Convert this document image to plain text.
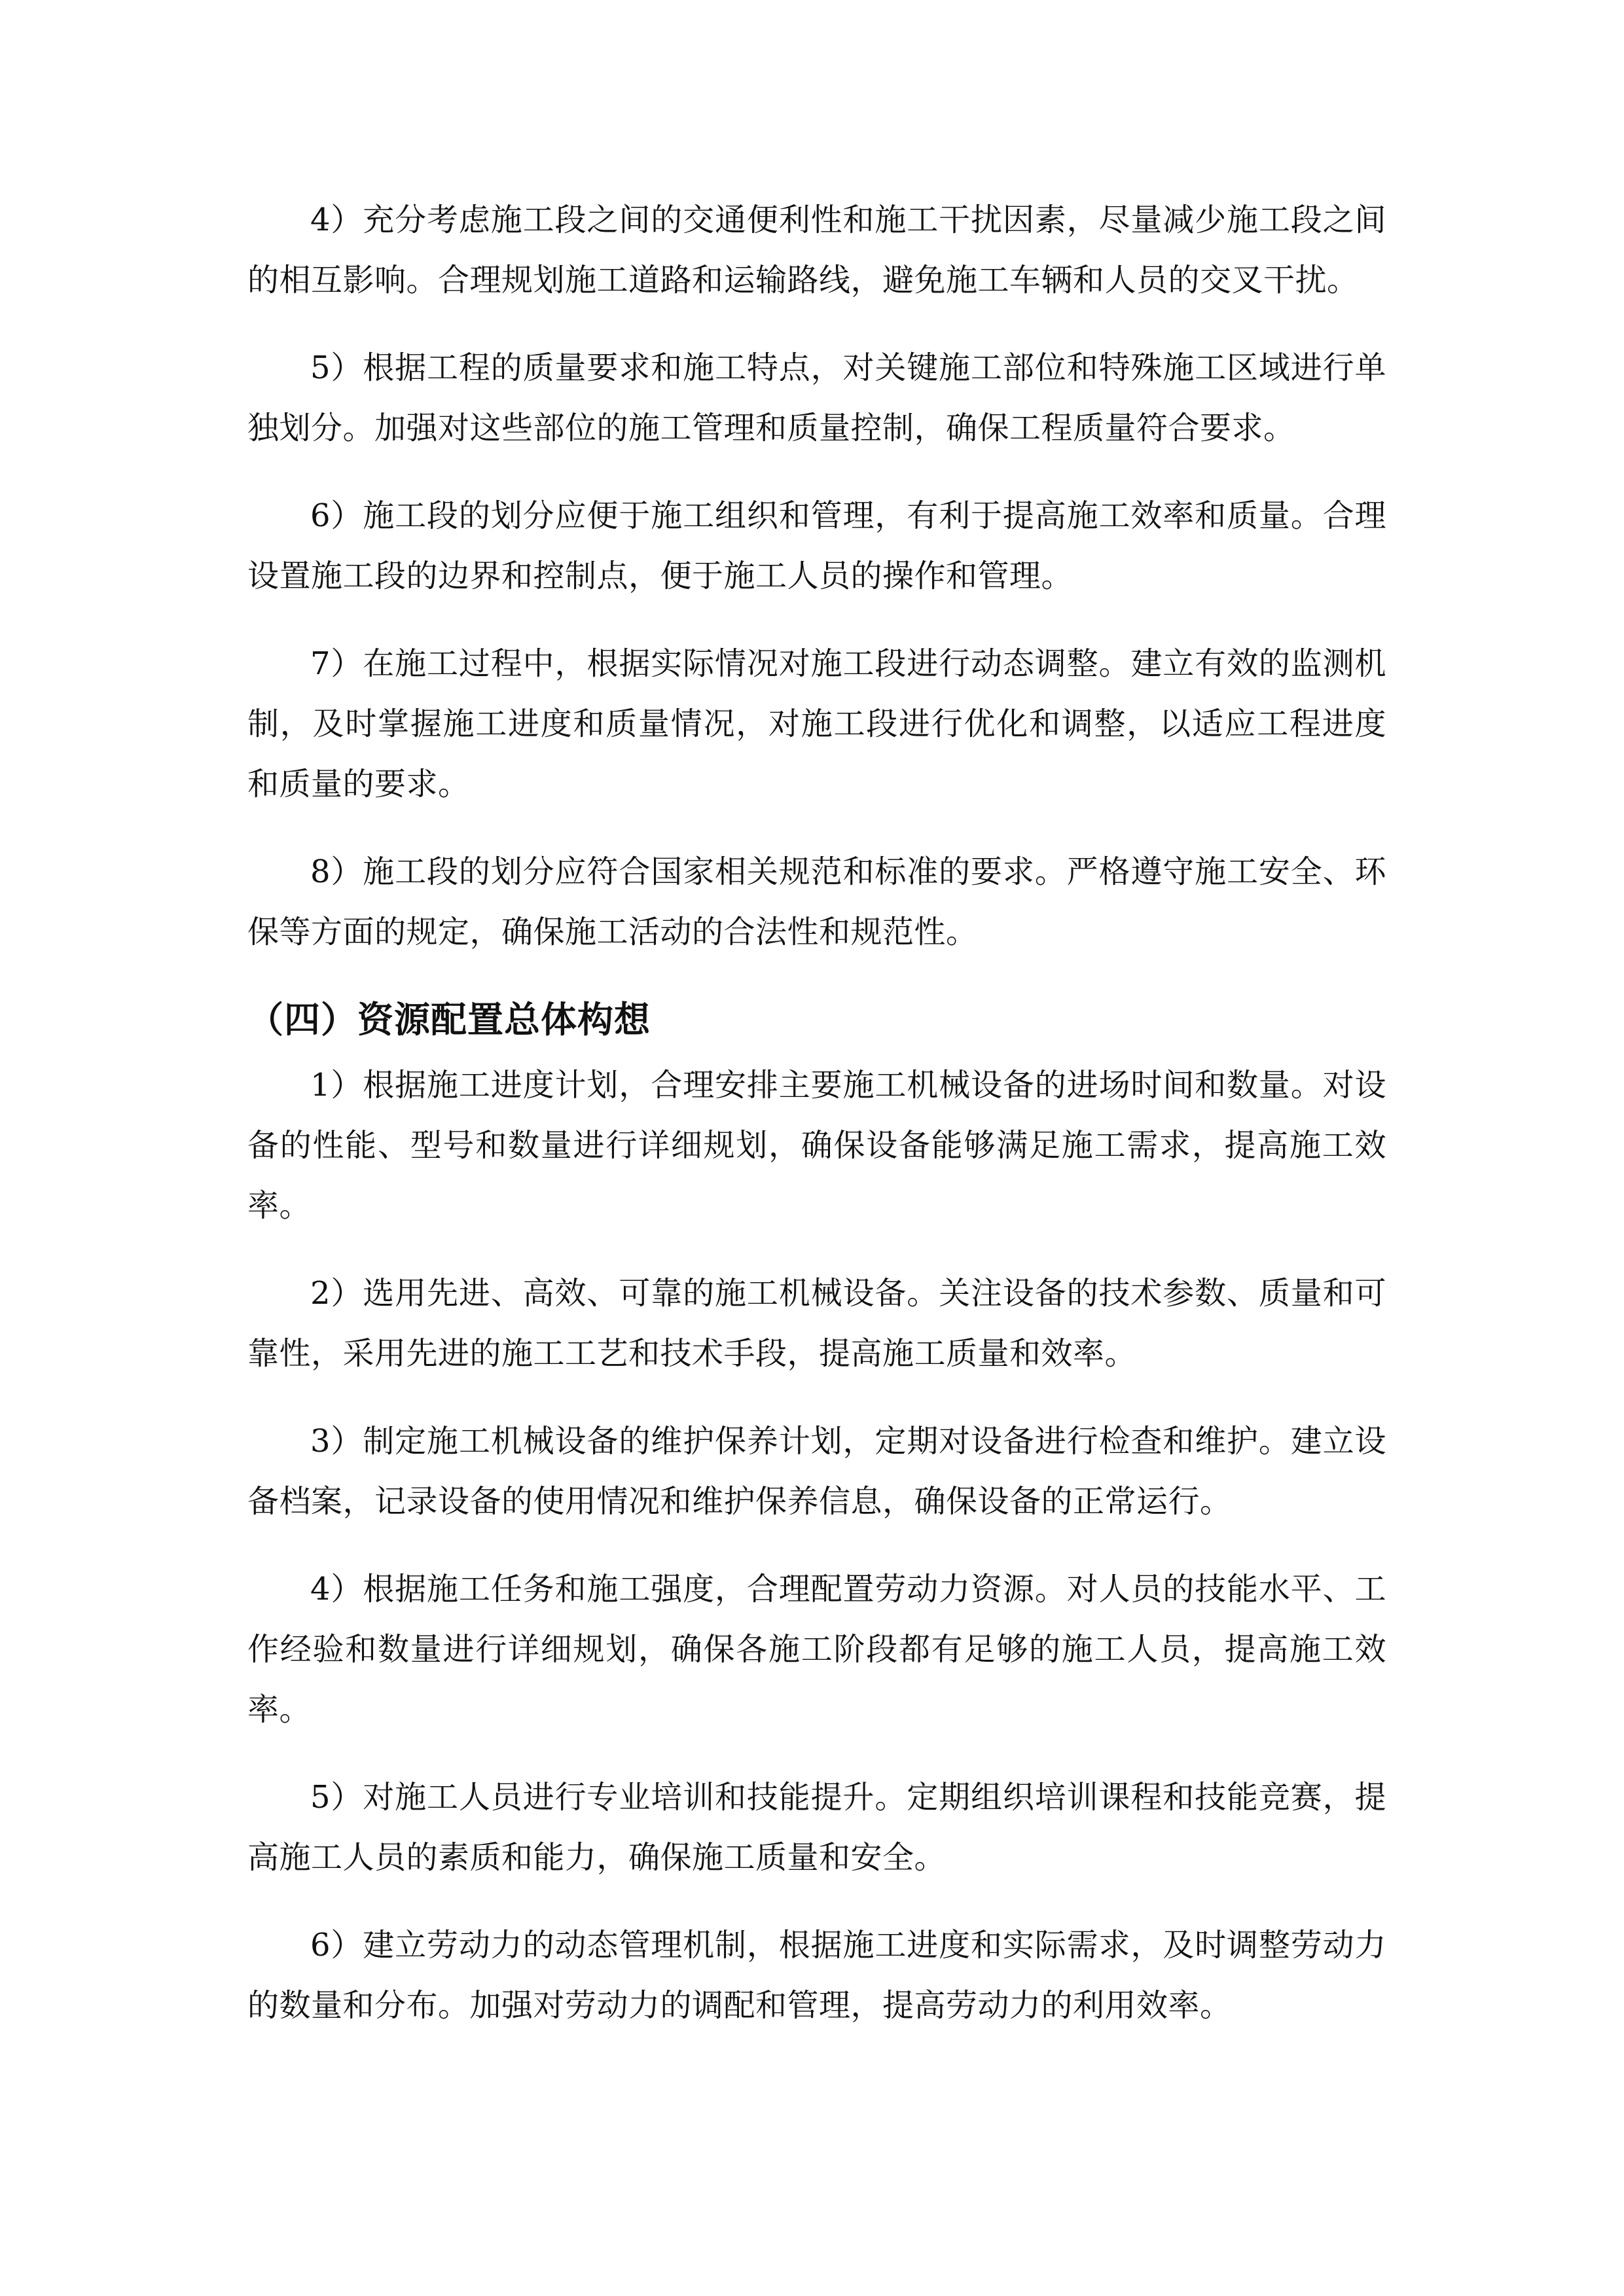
4）充分考虑施工段之间的交通便利性和施工干扰因素，尽量减少施工段之间的相互影响。合理规划施工道路和运输路线，避免施工车辆和人员的交叉干扰。

5）根据工程的质量要求和施工特点，对关键施工部位和特殊施工区域进行单独划分。加强对这些部位的施工管理和质量控制，确保工程质量符合要求。

6）施工段的划分应便于施工组织和管理，有利于提高施工效率和质量。合理设置施工段的边界和控制点，便于施工人员的操作和管理。

7）在施工过程中，根据实际情况对施工段进行动态调整。建立有效的监测机制，及时掌握施工进度和质量情况，对施工段进行优化和调整，以适应工程进度和质量的要求。

8）施工段的划分应符合国家相关规范和标准的要求。严格遵守施工安全、环保等方面的规定，确保施工活动的合法性和规范性。

（四）资源配置总体构想

1）根据施工进度计划，合理安排主要施工机械设备的进场时间和数量。对设备的性能、型号和数量进行详细规划，确保设备能够满足施工需求，提高施工效率。

2）选用先进、高效、可靠的施工机械设备。关注设备的技术参数、质量和可靠性，采用先进的施工工艺和技术手段，提高施工质量和效率。

3）制定施工机械设备的维护保养计划，定期对设备进行检查和维护。建立设备档案，记录设备的使用情况和维护保养信息，确保设备的正常运行。

4）根据施工任务和施工强度，合理配置劳动力资源。对人员的技能水平、工作经验和数量进行详细规划，确保各施工阶段都有足够的施工人员，提高施工效率。

5）对施工人员进行专业培训和技能提升。定期组织培训课程和技能竞赛，提高施工人员的素质和能力，确保施工质量和安全。

6）建立劳动力的动态管理机制，根据施工进度和实际需求，及时调整劳动力的数量和分布。加强对劳动力的调配和管理，提高劳动力的利用效率。
